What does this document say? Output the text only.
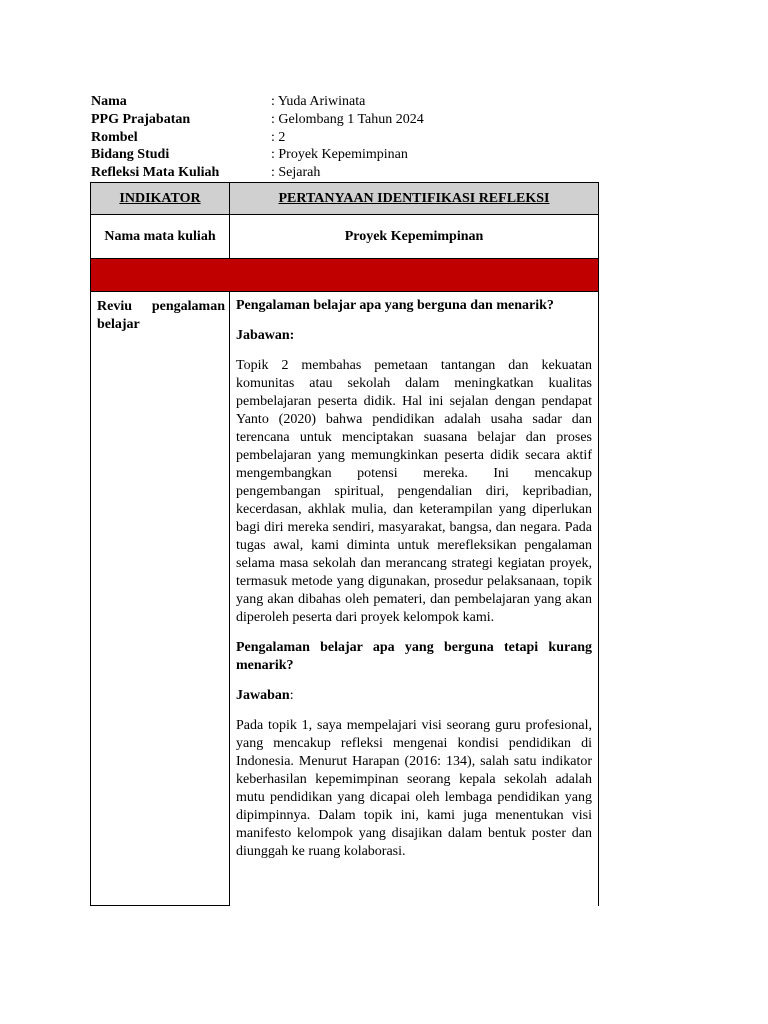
Nama	: Yuda Ariwinata
PPG Prajabatan	: Gelombang 1 Tahun 2024
Rombel	: 2
Bidang Studi	: Proyek Kepemimpinan
Refleksi Mata Kuliah	: Sejarah
INDIKATOR	PERTANYAAN IDENTIFIKASI REFLEKSI
Nama mata kuliah	Proyek Kepemimpinan
Reviu pengalaman belajar

Pengalaman belajar apa yang berguna dan menarik?

Jabawan:

Topik 2 membahas pemetaan tantangan dan kekuatan komunitas atau sekolah dalam meningkatkan kualitas pembelajaran peserta didik. Hal ini sejalan dengan pendapat Yanto (2020) bahwa pendidikan adalah usaha sadar dan terencana untuk menciptakan suasana belajar dan proses pembelajaran yang memungkinkan peserta didik secara aktif mengembangkan potensi mereka. Ini mencakup pengembangan spiritual, pengendalian diri, kepribadian, kecerdasan, akhlak mulia, dan keterampilan yang diperlukan bagi diri mereka sendiri, masyarakat, bangsa, dan negara. Pada tugas awal, kami diminta untuk merefleksikan pengalaman selama masa sekolah dan merancang strategi kegiatan proyek, termasuk metode yang digunakan, prosedur pelaksanaan, topik yang akan dibahas oleh pemateri, dan pembelajaran yang akan diperoleh peserta dari proyek kelompok kami.

Pengalaman belajar apa yang berguna tetapi kurang menarik?

Jawaban:

Pada topik 1, saya mempelajari visi seorang guru profesional, yang mencakup refleksi mengenai kondisi pendidikan di Indonesia. Menurut Harapan (2016: 134), salah satu indikator keberhasilan kepemimpinan seorang kepala sekolah adalah mutu pendidikan yang dicapai oleh lembaga pendidikan yang dipimpinnya. Dalam topik ini, kami juga menentukan visi manifesto kelompok yang disajikan dalam bentuk poster dan diunggah ke ruang kolaborasi.
